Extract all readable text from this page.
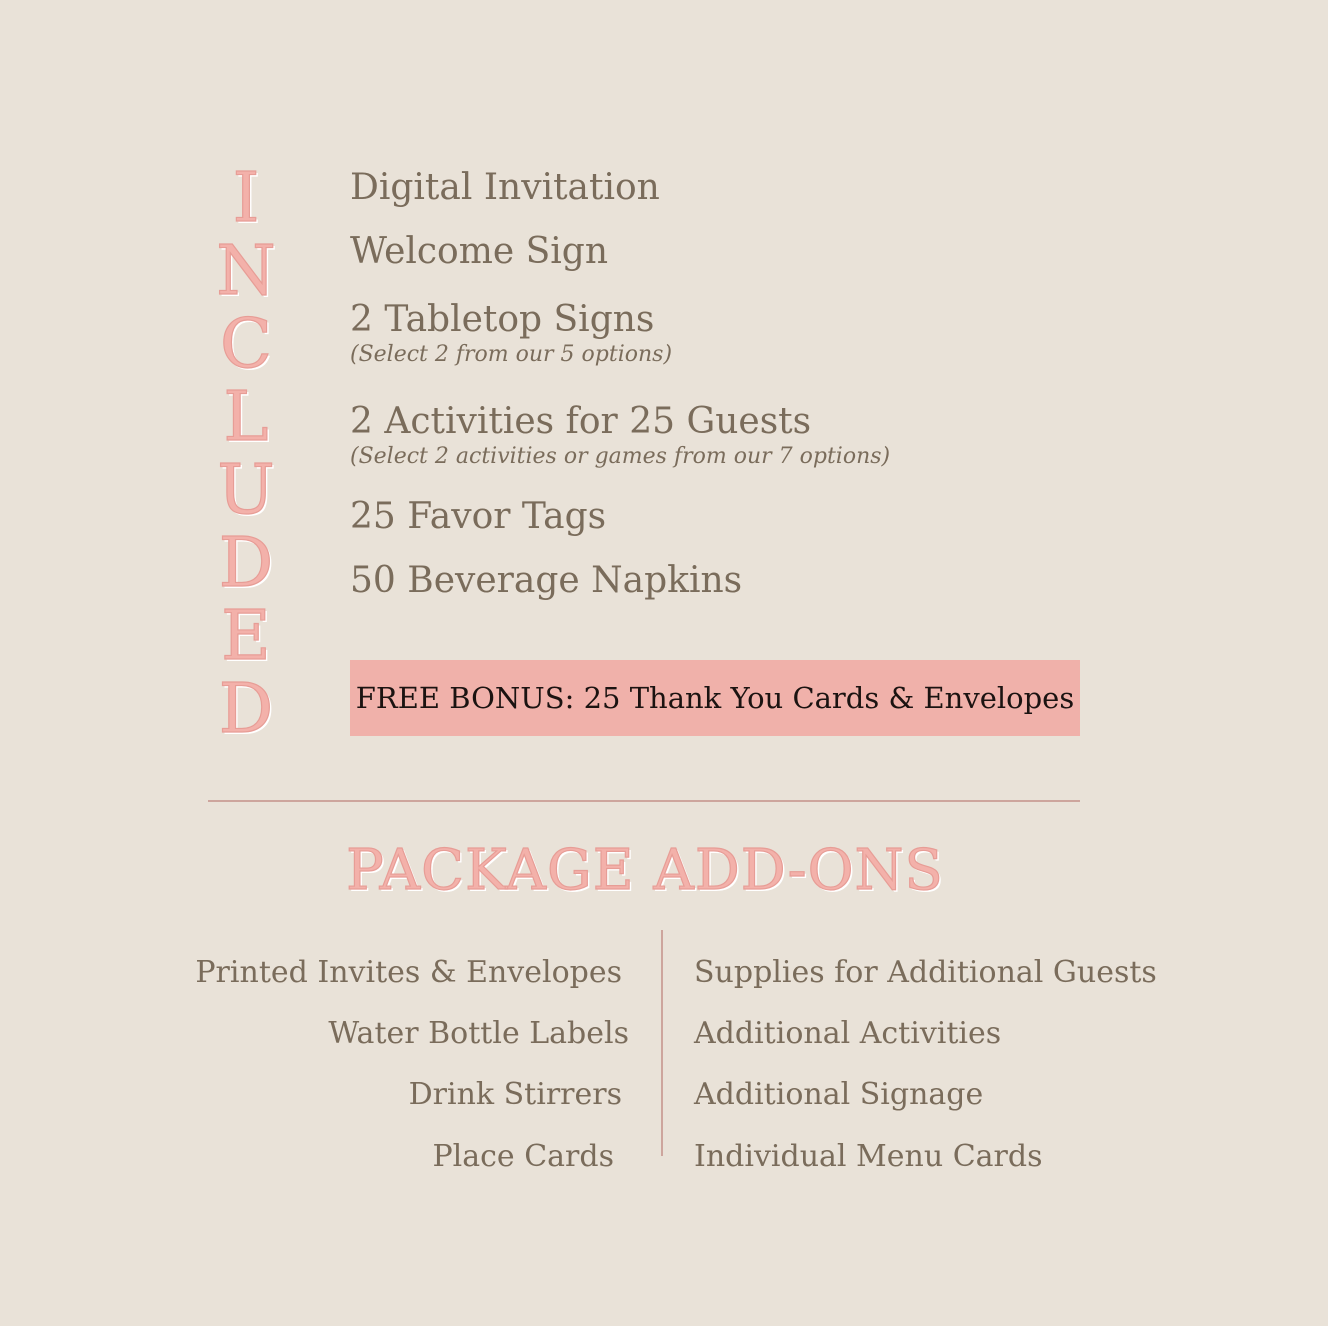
I
N
C
L
U
D
E
D
Digital Invitation
Welcome Sign
2 Tabletop Signs
(Select 2 from our 5 options)
2 Activities for 25 Guests
(Select 2 activities or games from our 7 options)
25 Favor Tags
50 Beverage Napkins
FREE BONUS: 25 Thank You Cards & Envelopes
PACKAGE ADD-ONS
Printed Invites & Envelopes
Water Bottle Labels
Drink Stirrers
Place Cards
Supplies for Additional Guests
Additional Activities
Additional Signage
Individual Menu Cards
